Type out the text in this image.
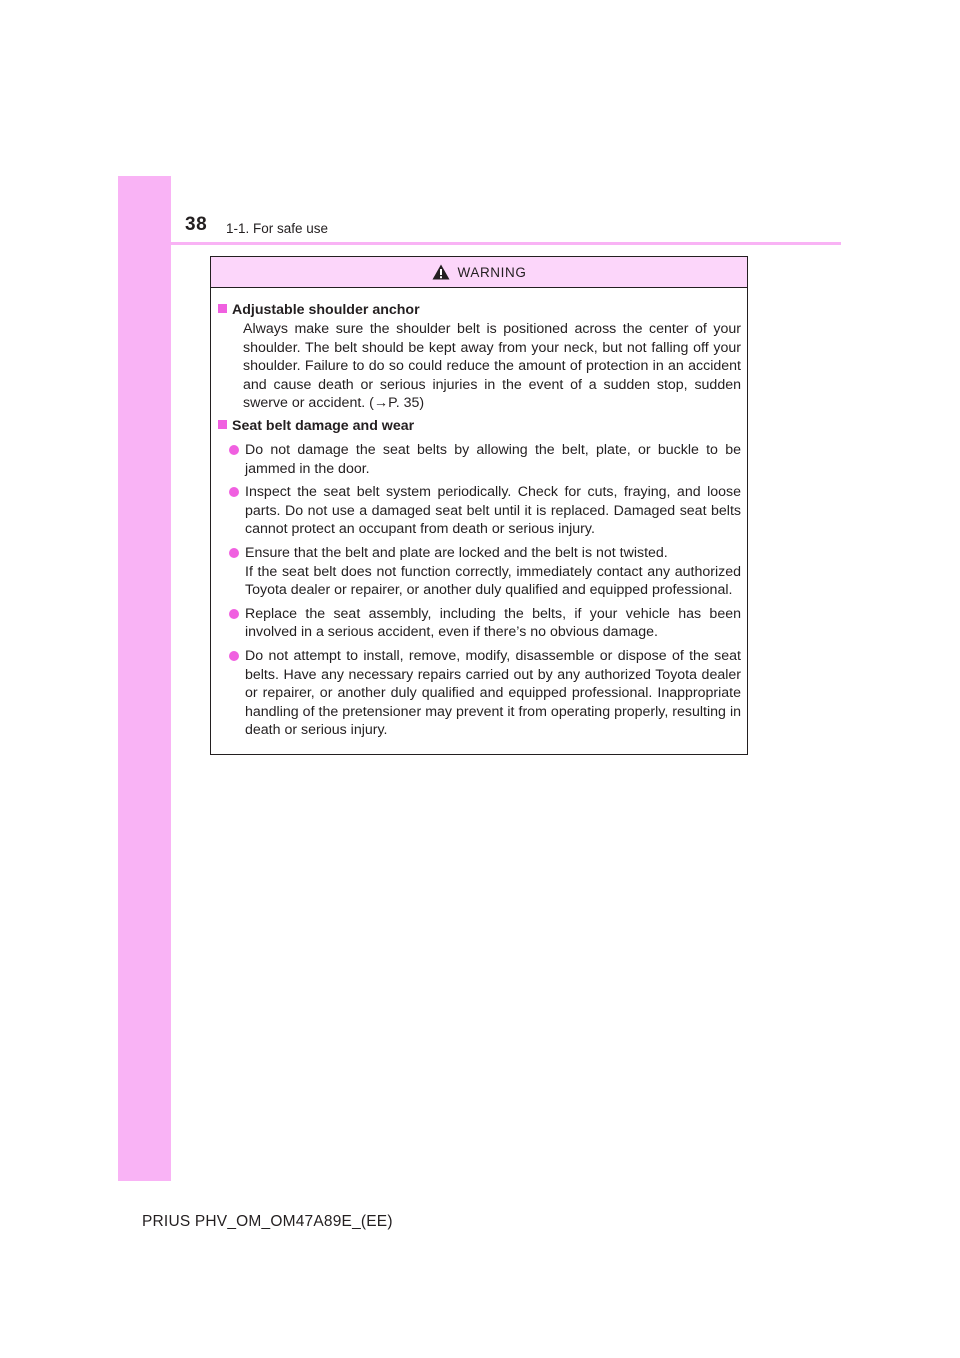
38 1-1. For safe use
WARNING
Adjustable shoulder anchor

Always make sure the shoulder belt is positioned across the center of your shoulder. The belt should be kept away from your neck, but not falling off your shoulder. Failure to do so could reduce the amount of protection in an accident and cause death or serious injuries in the event of a sudden stop, sudden swerve or accident. (→P. 35)

Seat belt damage and wear
Do not damage the seat belts by allowing the belt, plate, or buckle to be jammed in the door.
Inspect the seat belt system periodically. Check for cuts, fraying, and loose parts. Do not use a damaged seat belt until it is replaced. Damaged seat belts cannot protect an occupant from death or serious injury.
Ensure that the belt and plate are locked and the belt is not twisted.
If the seat belt does not function correctly, immediately contact any authorized Toyota dealer or repairer, or another duly qualified and equipped professional.
Replace the seat assembly, including the belts, if your vehicle has been involved in a serious accident, even if there’s no obvious damage.
Do not attempt to install, remove, modify, disassemble or dispose of the seat belts. Have any necessary repairs carried out by any authorized Toyota dealer or repairer, or another duly qualified and equipped professional. Inappropriate handling of the pretensioner may prevent it from operating properly, resulting in death or serious injury.
PRIUS PHV_OM_OM47A89E_(EE)
